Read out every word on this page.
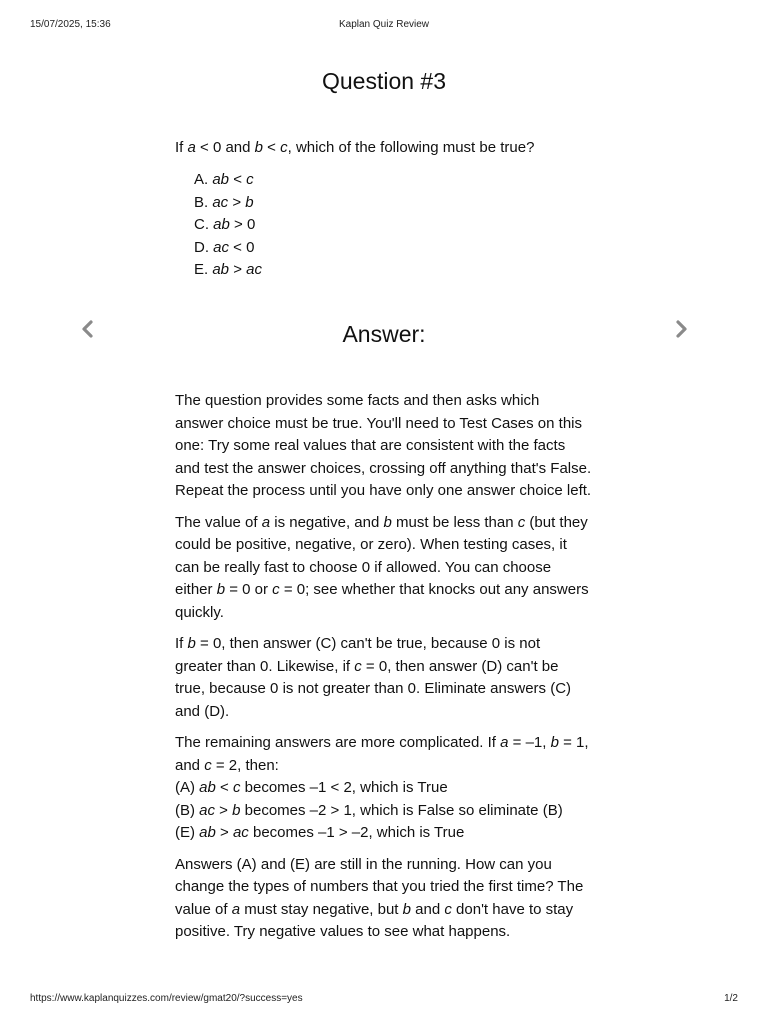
15/07/2025, 15:36	Kaplan Quiz Review
Question #3
If a < 0 and b < c, which of the following must be true?
A. ab < c
B. ac > b
C. ab > 0
D. ac < 0
E. ab > ac
Answer:

The question provides some facts and then asks which
answer choice must be true. You'll need to Test Cases on this
one: Try some real values that are consistent with the facts
and test the answer choices, crossing off anything that's False.
Repeat the process until you have only one answer choice left.

The value of a is negative, and b must be less than c (but they
could be positive, negative, or zero). When testing cases, it
can be really fast to choose 0 if allowed. You can choose
either b = 0 or c = 0; see whether that knocks out any answers
quickly.

If b = 0, then answer (C) can't be true, because 0 is not
greater than 0. Likewise, if c = 0, then answer (D) can't be
true, because 0 is not greater than 0. Eliminate answers (C)
and (D).

The remaining answers are more complicated. If a = –1, b = 1,
and c = 2, then:
(A) ab < c becomes –1 < 2, which is True
(B) ac > b becomes –2 > 1, which is False so eliminate (B)
(E) ab > ac becomes –1 > –2, which is True

Answers (A) and (E) are still in the running. How can you
change the types of numbers that you tried the first time? The
value of a must stay negative, but b and c don't have to stay
positive. Try negative values to see what happens.

https://www.kaplanquizzes.com/review/gmat20/?success=yes	1/2
